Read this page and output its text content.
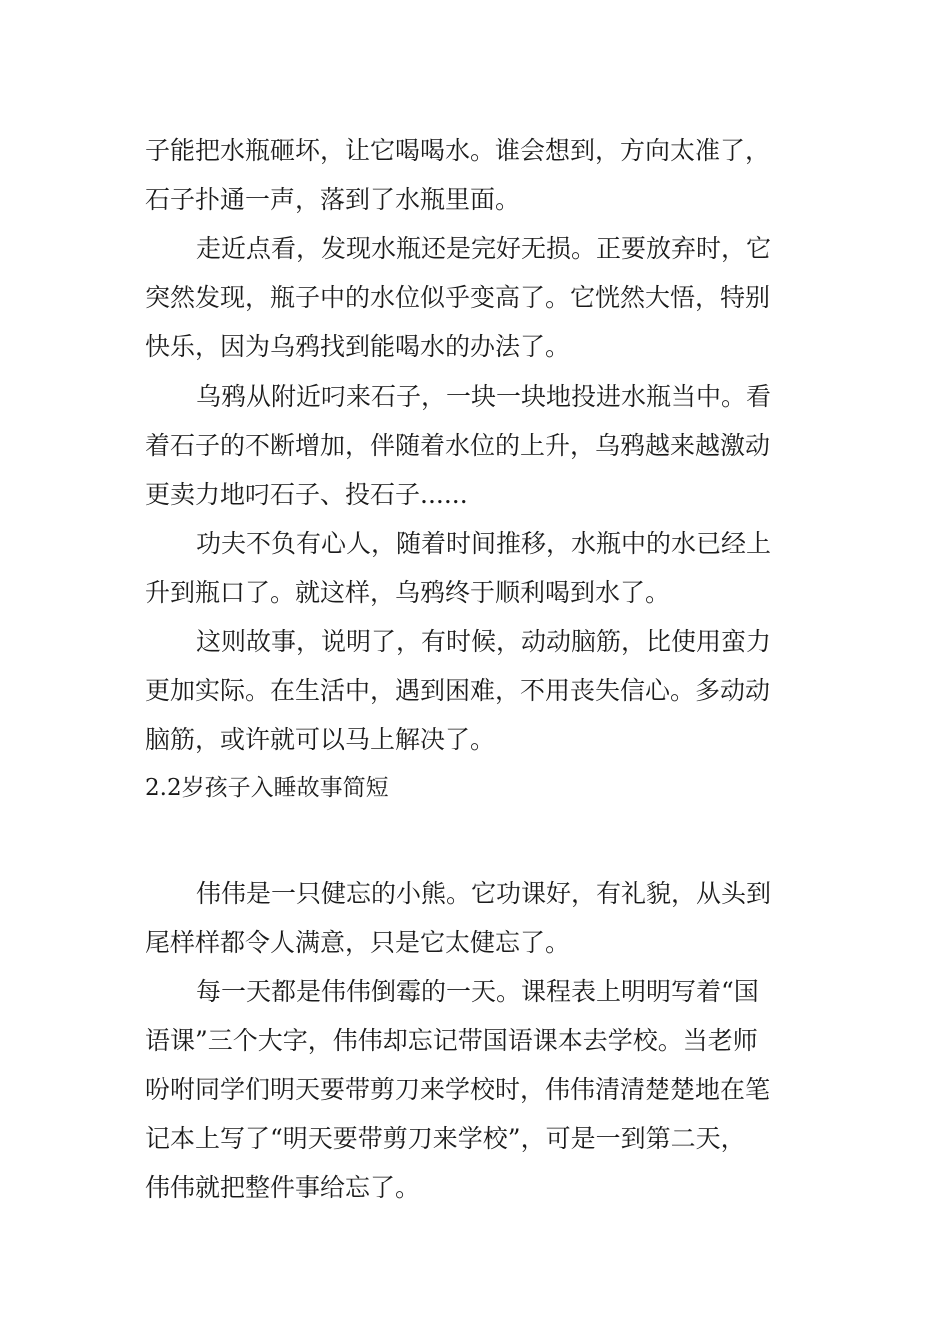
子能把水瓶砸坏，让它喝喝水。谁会想到，方向太准了，
石子扑通一声，落到了水瓶里面。
走近点看，发现水瓶还是完好无损。正要放弃时，它
突然发现，瓶子中的水位似乎变高了。它恍然大悟，特别
快乐，因为乌鸦找到能喝水的办法了。
乌鸦从附近叼来石子，一块一块地投进水瓶当中。看
着石子的不断增加，伴随着水位的上升，乌鸦越来越激动
更卖力地叼石子、投石子......
功夫不负有心人，随着时间推移，水瓶中的水已经上
升到瓶口了。就这样，乌鸦终于顺利喝到水了。
这则故事，说明了，有时候，动动脑筋，比使用蛮力
更加实际。在生活中，遇到困难，不用丧失信心。多动动
脑筋，或许就可以马上解决了。
2.2岁孩子入睡故事简短
伟伟是一只健忘的小熊。它功课好，有礼貌，从头到
尾样样都令人满意，只是它太健忘了。
每一天都是伟伟倒霉的一天。课程表上明明写着“国
语课”三个大字，伟伟却忘记带国语课本去学校。当老师
吩咐同学们明天要带剪刀来学校时，伟伟清清楚楚地在笔
记本上写了“明天要带剪刀来学校”，可是一到第二天，
伟伟就把整件事给忘了。
